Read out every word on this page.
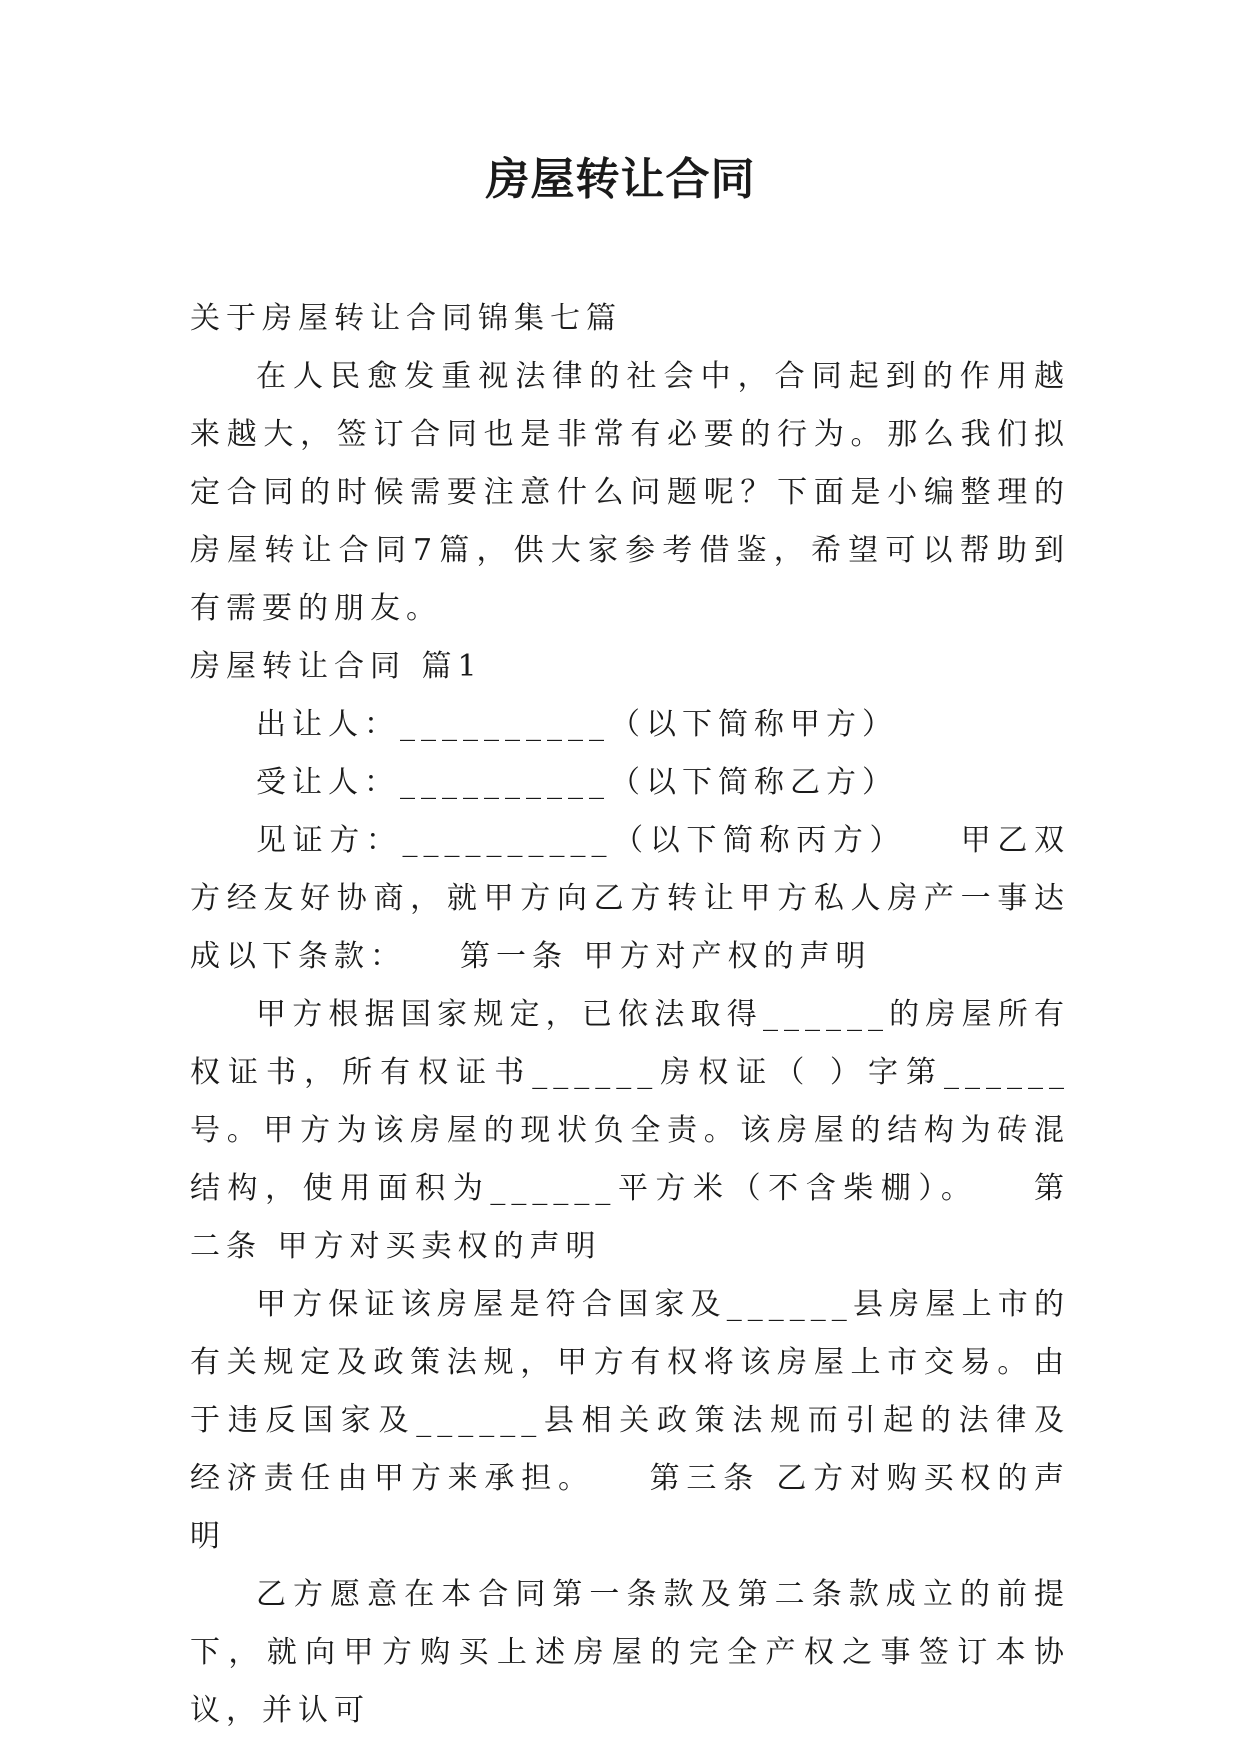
房屋转让合同

关于房屋转让合同锦集七篇

在人民愈发重视法律的社会中，合同起到的作用越来越大，签订合同也是非常有必要的行为。那么我们拟定合同的时候需要注意什么问题呢？下面是小编整理的房屋转让合同7篇，供大家参考借鉴，希望可以帮助到有需要的朋友。

房屋转让合同 篇1

出让人：__________（以下简称甲方）

受让人：__________（以下简称乙方）

见证方：__________（以下简称丙方） 甲乙双方经友好协商，就甲方向乙方转让甲方私人房产一事达成以下条款： 第一条 甲方对产权的声明

甲方根据国家规定，已依法取得______的房屋所有权证书，所有权证书______房权证（ ）字第______ 号。甲方为该房屋的现状负全责。该房屋的结构为砖混结构，使用面积为______平方米（不含柴棚）。 第二条 甲方对买卖权的声明

甲方保证该房屋是符合国家及______县房屋上市的有关规定及政策法规，甲方有权将该房屋上市交易。由于违反国家及______县相关政策法规而引起的法律及经济责任由甲方来承担。 第三条 乙方对购买权的声明

乙方愿意在本合同第一条款及第二条款成立的前提下，就向甲方购买上述房屋的完全产权之事签订本协议，并认可
